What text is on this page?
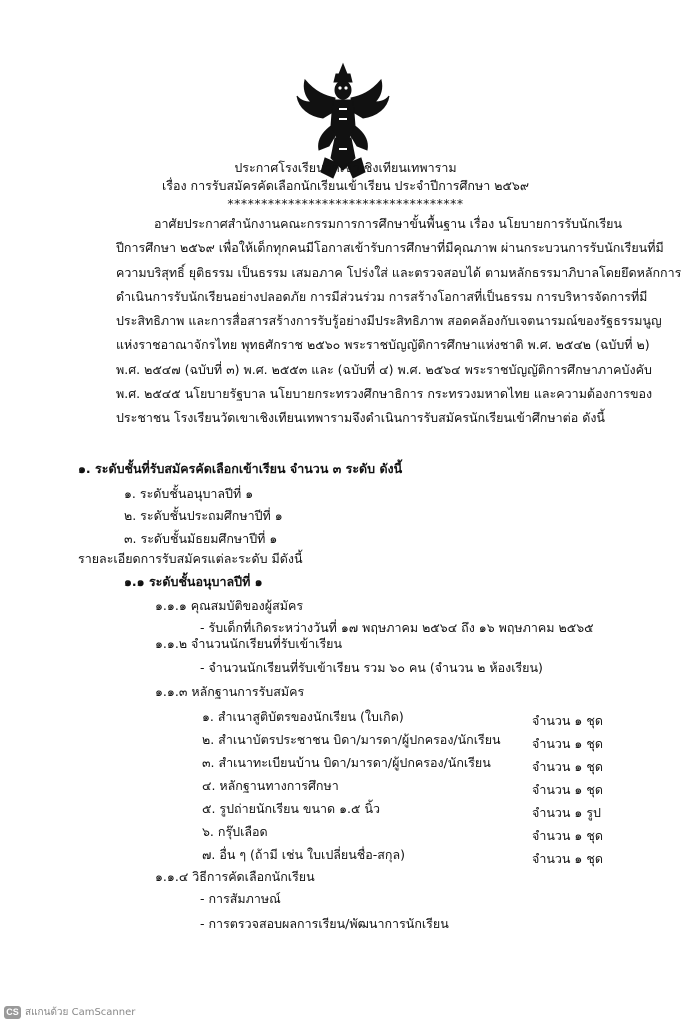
ประกาศโรงเรียนวัดเขาเชิงเทียนเทพาราม
เรื่อง การรับสมัครคัดเลือกนักเรียนเข้าเรียน ประจำปีการศึกษา ๒๕๖๙
***********************************
อาศัยประกาศสำนักงานคณะกรรมการการศึกษาขั้นพื้นฐาน เรื่อง นโยบายการรับนักเรียน
ปีการศึกษา ๒๕๖๙ เพื่อให้เด็กทุกคนมีโอกาสเข้ารับการศึกษาที่มีคุณภาพ ผ่านกระบวนการรับนักเรียนที่มี
ความบริสุทธิ์ ยุติธรรม เป็นธรรม เสมอภาค โปร่งใส่ และตรวจสอบได้ ตามหลักธรรมาภิบาลโดยยึดหลักการ
ดำเนินการรับนักเรียนอย่างปลอดภัย การมีส่วนร่วม การสร้างโอกาสที่เป็นธรรม การบริหารจัดการที่มี
ประสิทธิภาพ และการสื่อสารสร้างการรับรู้อย่างมีประสิทธิภาพ สอดคล้องกับเจตนารมณ์ของรัฐธรรมนูญ
แห่งราชอาณาจักรไทย พุทธศักราช ๒๕๖๐ พระราชบัญญัติการศึกษาแห่งชาติ พ.ศ. ๒๕๔๒ (ฉบับที่ ๒)
พ.ศ. ๒๕๔๗ (ฉบับที่ ๓) พ.ศ. ๒๕๕๓ และ (ฉบับที่ ๔) พ.ศ. ๒๕๖๔ พระราชบัญญัติการศึกษาภาคบังคับ
พ.ศ. ๒๕๔๕ นโยบายรัฐบาล นโยบายกระทรวงศึกษาธิการ กระทรวงมหาดไทย และความต้องการของ
ประชาชน โรงเรียนวัดเขาเชิงเทียนเทพารามจึงดำเนินการรับสมัครนักเรียนเข้าศึกษาต่อ ดังนี้
๑. ระดับชั้นที่รับสมัครคัดเลือกเข้าเรียน จำนวน ๓ ระดับ ดังนี้
๑. ระดับชั้นอนุบาลปีที่ ๑
๒. ระดับชั้นประถมศึกษาปีที่ ๑
๓. ระดับชั้นมัธยมศึกษาปีที่ ๑
รายละเอียดการรับสมัครแต่ละระดับ มีดังนี้
๑.๑ ระดับชั้นอนุบาลปีที่ ๑
๑.๑.๑ คุณสมบัติของผู้สมัคร
- รับเด็กที่เกิดระหว่างวันที่ ๑๗ พฤษภาคม ๒๕๖๔ ถึง ๑๖ พฤษภาคม ๒๕๖๕
๑.๑.๒ จำนวนนักเรียนที่รับเข้าเรียน
- จำนวนนักเรียนที่รับเข้าเรียน รวม ๖๐ คน (จำนวน ๒ ห้องเรียน)
๑.๑.๓ หลักฐานการรับสมัคร
๑. สำเนาสูติบัตรของนักเรียน (ใบเกิด)	จำนวน ๑ ชุด
๒. สำเนาบัตรประชาชน บิดา/มารดา/ผู้ปกครอง/นักเรียน	จำนวน ๑ ชุด
๓. สำเนาทะเบียนบ้าน บิดา/มารดา/ผู้ปกครอง/นักเรียน	จำนวน ๑ ชุด
๔. หลักฐานทางการศึกษา	จำนวน ๑ ชุด
๕. รูปถ่ายนักเรียน ขนาด ๑.๕ นิ้ว	จำนวน ๑ รูป
๖. กรุ๊ปเลือด	จำนวน ๑ ชุด
๗. อื่น ๆ (ถ้ามี เช่น ใบเปลี่ยนชื่อ-สกุล)	จำนวน ๑ ชุด
๑.๑.๔ วิธีการคัดเลือกนักเรียน
- การสัมภาษณ์
- การตรวจสอบผลการเรียน/พัฒนาการนักเรียน
CS สแกนด้วย CamScanner
